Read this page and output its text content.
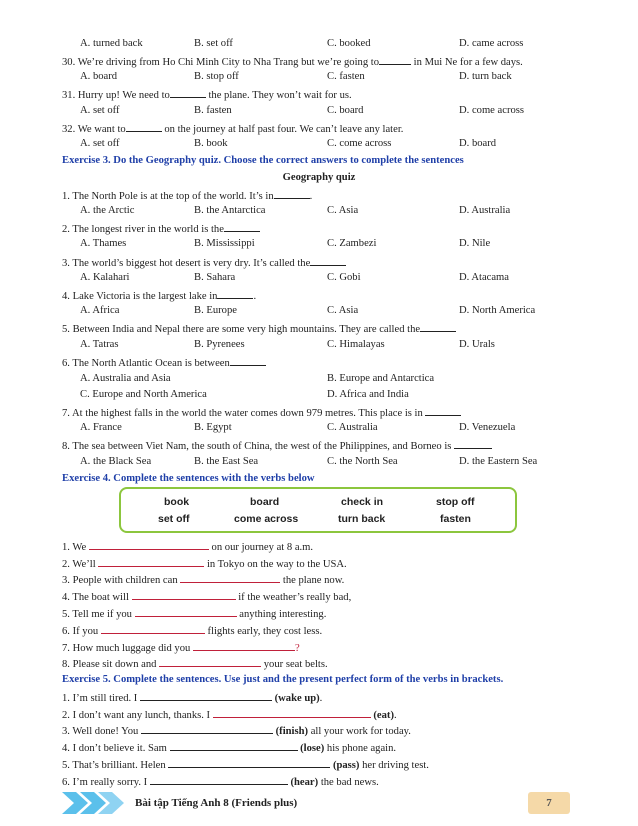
A. turned back	B. set off	C. booked	D. came across
30. We’re driving from Ho Chi Minh City to Nha Trang but we’re going to	in Mui Ne for a few days.
A. board	B. stop off	C. fasten	D. turn back
31. Hurry up! We need to	the plane. They won’t wait for us.
A. set off	B. fasten	C. board	D. come across
32. We want to	on the journey at half past four. We can’t leave any later.
A. set off	B. book	C. come across	D. board
Exercise 3. Do the Geography quiz. Choose the correct answers to complete the sentences
Geography quiz
1. The North Pole is at the top of the world. It’s in	.
A. the Arctic	B. the Antarctica	C. Asia	D. Australia
2. The longest river in the world is the
A. Thames	B. Mississippi	C. Zambezi	D. Nile
3. The world’s biggest hot desert is very dry. It’s called the
A. Kalahari	B. Sahara	C. Gobi	D. Atacama
4. Lake Victoria is the largest lake in	.
A. Africa	B. Europe	C. Asia	D. North America
5. Between India and Nepal there are some very high mountains. They are called the
A. Tatras	B. Pyrenees	C. Himalayas	D. Urals
6. The North Atlantic Ocean is between
A. Australia and Asia	B. Europe and Antarctica
C. Europe and North America	D. Africa and India
7. At the highest falls in the world the water comes down 979 metres. This place is in
A. France	B. Egypt	C. Australia	D. Venezuela
8. The sea between Viet Nam, the south of China, the west of the Philippines, and Borneo is
A. the Black Sea	B. the East Sea	C. the North Sea	D. the Eastern Sea
Exercise 4. Complete the sentences with the verbs below
book	board	check in	stop off
set off	come across	turn back	fasten
1. We	on our journey at 8 a.m.
2. We’ll	in Tokyo on the way to the USA.
3. People with children can	the plane now.
4. The boat will	if the weather’s really bad,
5. Tell me if you	anything interesting.
6. If you	flights early, they cost less.
7. How much luggage did you	?
8. Please sit down and	your seat belts.
Exercise 5. Complete the sentences. Use just and the present perfect form of the verbs in brackets.
1. I’m still tired. I	(wake up).
2. I don’t want any lunch, thanks. I	(eat).
3. Well done! You	(finish) all your work for today.
4. I don’t believe it. Sam	(lose) his phone again.
5. That’s brilliant. Helen	(pass) her driving test.
6. I’m really sorry. I	(hear) the bad news.
Bài tập Tiếng Anh 8 (Friends plus)	7
